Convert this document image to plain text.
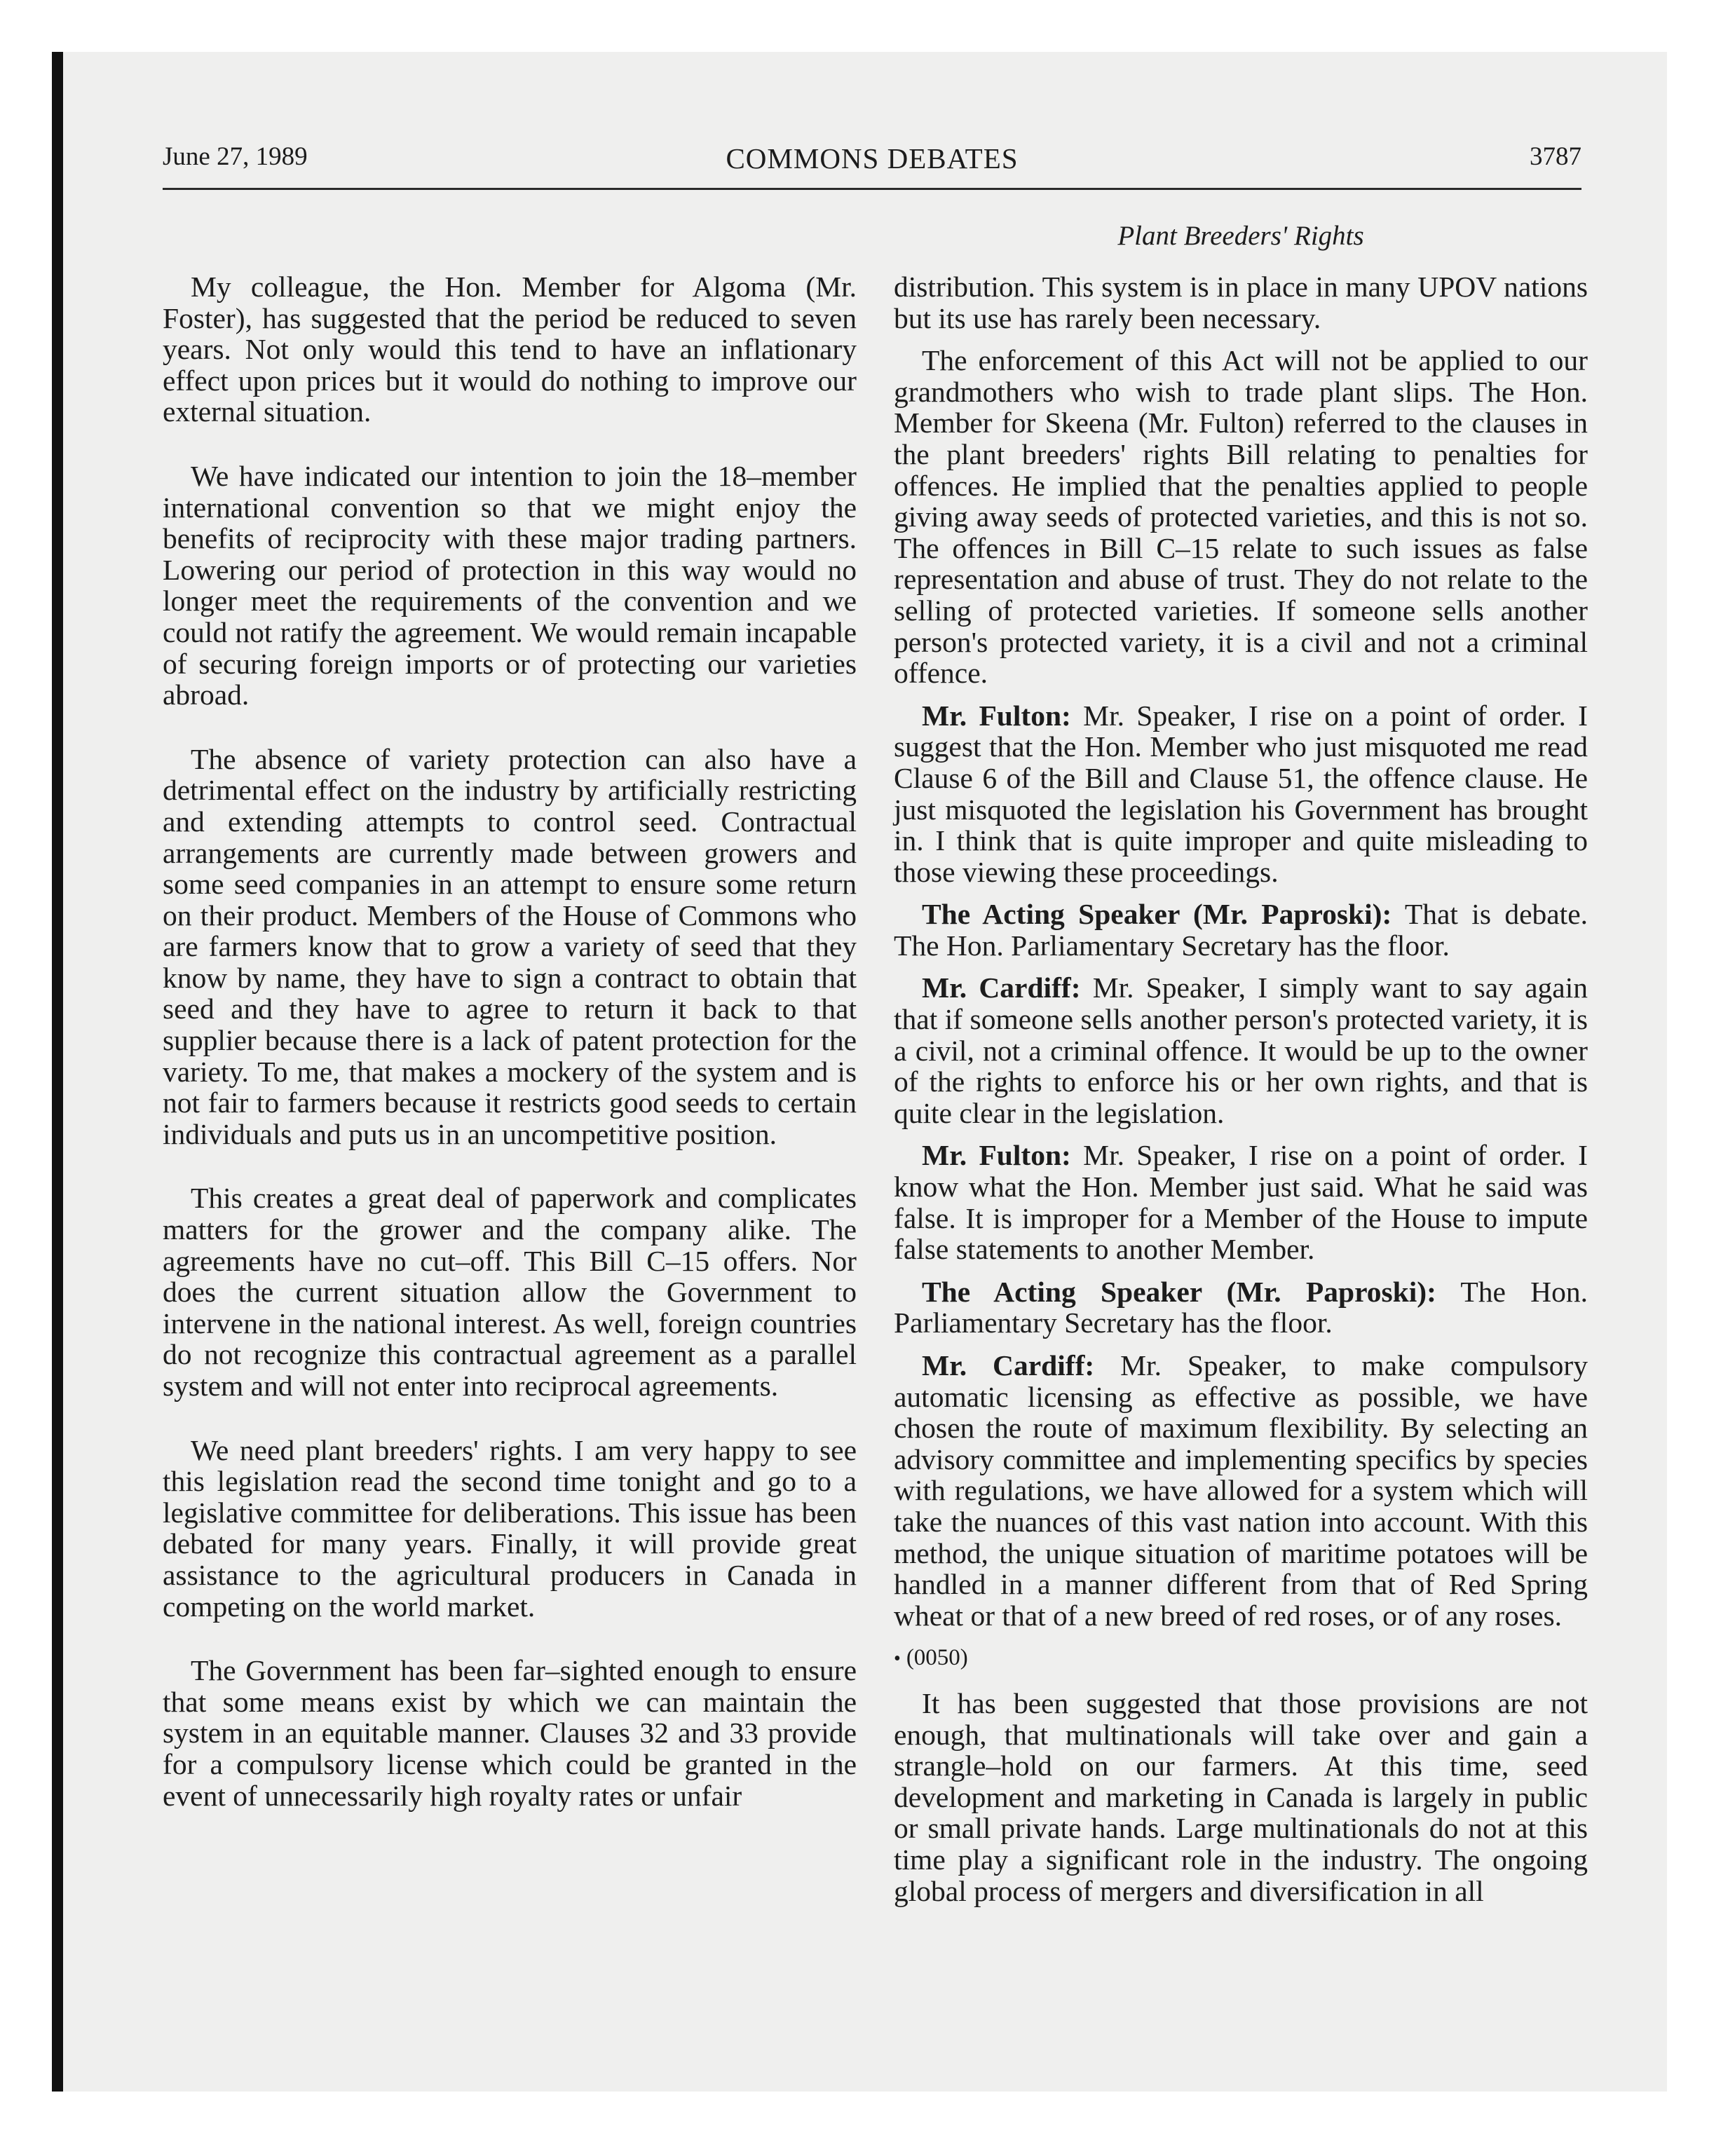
June 27, 1989	COMMONS DEBATES	3787
Plant Breeders' Rights

My colleague, the Hon. Member for Algoma (Mr. Foster), has suggested that the period be reduced to seven years. Not only would this tend to have an inflationary effect upon prices but it would do nothing to improve our external situation.

We have indicated our intention to join the 18–member international convention so that we might enjoy the benefits of reciprocity with these major trading partners. Lowering our period of protection in this way would no longer meet the requirements of the convention and we could not ratify the agreement. We would remain incapable of securing foreign imports or of protecting our varieties abroad.

The absence of variety protection can also have a detrimental effect on the industry by artificially restricting and extending attempts to control seed. Contractual arrangements are currently made between growers and some seed companies in an attempt to ensure some return on their product. Members of the House of Commons who are farmers know that to grow a variety of seed that they know by name, they have to sign a contract to obtain that seed and they have to agree to return it back to that supplier because there is a lack of patent protection for the variety. To me, that makes a mockery of the system and is not fair to farmers because it restricts good seeds to certain individuals and puts us in an uncompetitive position.

This creates a great deal of paperwork and complicates matters for the grower and the company alike. The agreements have no cut–off. This Bill C–15 offers. Nor does the current situation allow the Government to intervene in the national interest. As well, foreign countries do not recognize this contractual agreement as a parallel system and will not enter into reciprocal agreements.

We need plant breeders' rights. I am very happy to see this legislation read the second time tonight and go to a legislative committee for deliberations. This issue has been debated for many years. Finally, it will provide great assistance to the agricultural producers in Canada in competing on the world market.

The Government has been far–sighted enough to ensure that some means exist by which we can maintain the system in an equitable manner. Clauses 32 and 33 provide for a compulsory license which could be granted in the event of unnecessarily high royalty rates or unfair

distribution. This system is in place in many UPOV nations but its use has rarely been necessary.

The enforcement of this Act will not be applied to our grandmothers who wish to trade plant slips. The Hon. Member for Skeena (Mr. Fulton) referred to the clauses in the plant breeders' rights Bill relating to penalties for offences. He implied that the penalties applied to people giving away seeds of protected varieties, and this is not so. The offences in Bill C–15 relate to such issues as false representation and abuse of trust. They do not relate to the selling of protected varieties. If someone sells another person's protected variety, it is a civil and not a criminal offence.

Mr. Fulton: Mr. Speaker, I rise on a point of order. I suggest that the Hon. Member who just misquoted me read Clause 6 of the Bill and Clause 51, the offence clause. He just misquoted the legislation his Government has brought in. I think that is quite improper and quite misleading to those viewing these proceedings.

The Acting Speaker (Mr. Paproski): That is debate. The Hon. Parliamentary Secretary has the floor.

Mr. Cardiff: Mr. Speaker, I simply want to say again that if someone sells another person's protected variety, it is a civil, not a criminal offence. It would be up to the owner of the rights to enforce his or her own rights, and that is quite clear in the legislation.

Mr. Fulton: Mr. Speaker, I rise on a point of order. I know what the Hon. Member just said. What he said was false. It is improper for a Member of the House to impute false statements to another Member.

The Acting Speaker (Mr. Paproski): The Hon. Parliamentary Secretary has the floor.

Mr. Cardiff: Mr. Speaker, to make compulsory automatic licensing as effective as possible, we have chosen the route of maximum flexibility. By selecting an advisory committee and implementing specifics by species with regulations, we have allowed for a system which will take the nuances of this vast nation into account. With this method, the unique situation of maritime potatoes will be handled in a manner different from that of Red Spring wheat or that of a new breed of red roses, or of any roses.

• (0050)

It has been suggested that those provisions are not enough, that multinationals will take over and gain a strangle–hold on our farmers. At this time, seed development and marketing in Canada is largely in public or small private hands. Large multinationals do not at this time play a significant role in the industry. The ongoing global process of mergers and diversification in all
